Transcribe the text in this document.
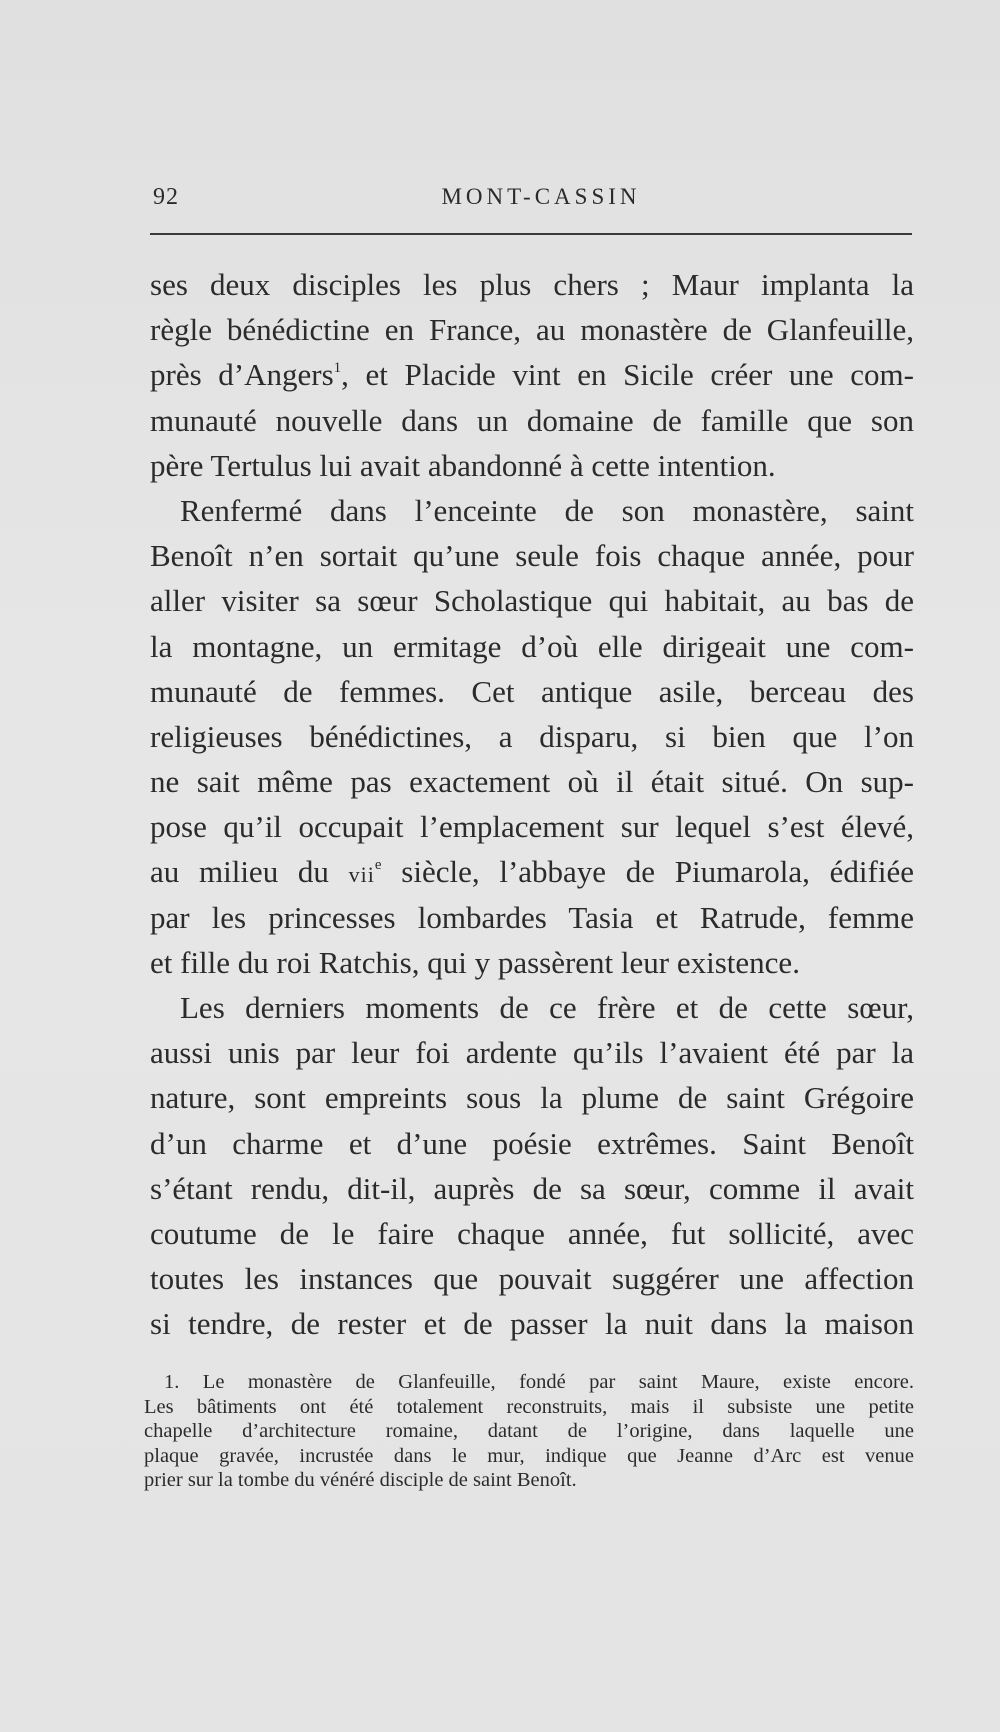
92	MONT-CASSIN
ses deux disciples les plus chers ; Maur implanta la
règle bénédictine en France, au monastère de Glanfeuille,
près d’Angers$^1$, et Placide vint en Sicile créer une com-
munauté nouvelle dans un domaine de famille que son
père Tertulus lui avait abandonné à cette intention.
Renfermé dans l’enceinte de son monastère, saint
Benoît n’en sortait qu’une seule fois chaque année, pour
aller visiter sa sœur Scholastique qui habitait, au bas de
la montagne, un ermitage d’où elle dirigeait une com-
munauté de femmes. Cet antique asile, berceau des
religieuses bénédictines, a disparu, si bien que l’on
ne sait même pas exactement où il était situé. On sup-
pose qu’il occupait l’emplacement sur lequel s’est élevé,
au milieu du vii$^e$ siècle, l’abbaye de Piumarola, édifiée
par les princesses lombardes Tasia et Ratrude, femme
et fille du roi Ratchis, qui y passèrent leur existence.
Les derniers moments de ce frère et de cette sœur,
aussi unis par leur foi ardente qu’ils l’avaient été par la
nature, sont empreints sous la plume de saint Grégoire
d’un charme et d’une poésie extrêmes. Saint Benoît
s’étant rendu, dit-il, auprès de sa sœur, comme il avait
coutume de le faire chaque année, fut sollicité, avec
toutes les instances que pouvait suggérer une affection
si tendre, de rester et de passer la nuit dans la maison
1. Le monastère de Glanfeuille, fondé par saint Maure, existe encore.
Les bâtiments ont été totalement reconstruits, mais il subsiste une petite
chapelle d’architecture romaine, datant de l’origine, dans laquelle une
plaque gravée, incrustée dans le mur, indique que Jeanne d’Arc est venue
prier sur la tombe du vénéré disciple de saint Benoît.
